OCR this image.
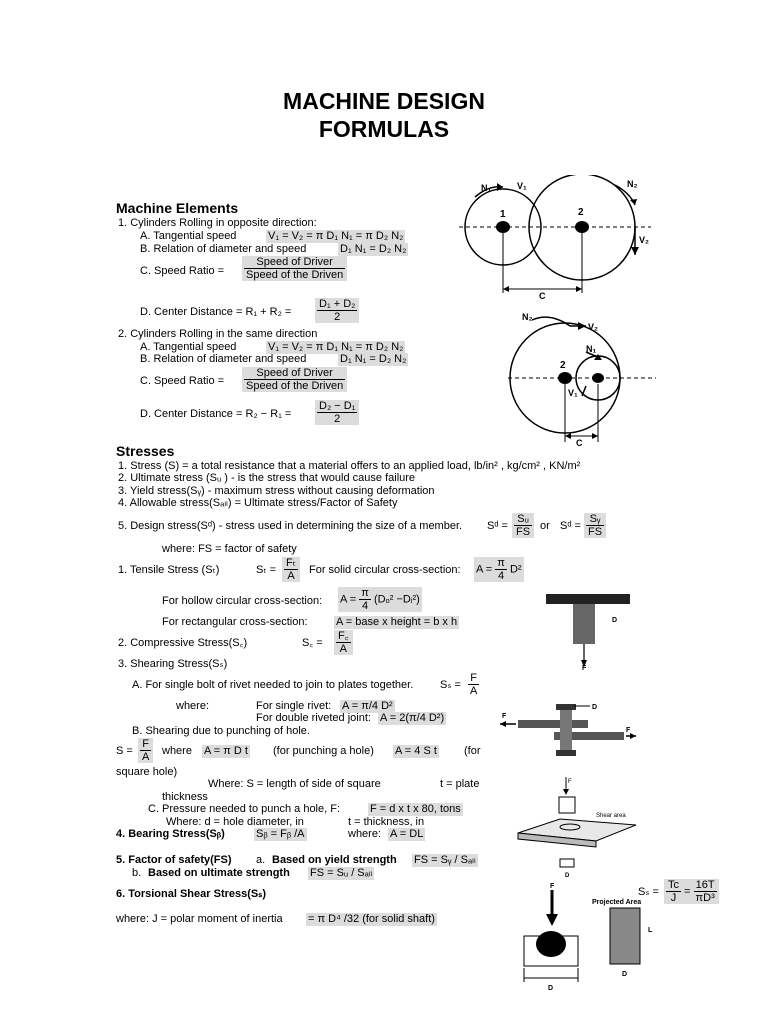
MACHINE DESIGN
FORMULAS
Machine Elements
1. Cylinders Rolling in opposite direction:
A. Tangential speed	V₁ = V₂ = π D₁ N₁ = π D₂ N₂
B. Relation of diameter and speed	D₁ N₁ = D₂ N₂
C. Speed Ratio = $\frac{\text{Speed of Driver}}{\text{Speed of the Driven}}$
D. Center Distance = $R_1 + R_2 = \frac{\text{D₁ + D₂}}{2}$
2. Cylinders Rolling in the same direction
A. Tangential speed	V₁ = V₂ = π D₁ N₁ = π D₂ N₂
B. Relation of diameter and speed	D₁ N₁ = D₂ N₂
C. Speed Ratio = $\frac{\text{Speed of Driver}}{\text{Speed of the Driven}}$
D. Center Distance = $R_2 - R_1 = \frac{\text{D₂ − D₁}}{2}$
Stresses
1. Stress (S) = a total resistance that a material offers to an applied load, lb/in² , kg/cm² , KN/m²
2. Ultimate stress (Sᵤ ) - is the stress that would cause failure
3. Yield stress(Sᵧ) - maximum stress without causing deformation
4. Allowable stress(Sₐₗₗ) = Ultimate stress/Factor of Safety
5. Design stress(Sᵈ) - stress used in determining the size of a member. Sᵈ = $\frac{\text{Sᵤ}}{FS}$ or Sᵈ = $\frac{\text{Sᵧ}}{FS}$
where: FS = factor of safety
1. Tensile Stress (Sₜ)	$S_t = \frac{\text{Fₜ}}{A}$ For solid circular cross-section: $A = \frac{\pi}{4} D^2$
For hollow circular cross-section: $A = \frac{\pi}{4} (D_o^2$ −Dᵢ²)
For rectangular cross-section:	A = base x height = b x h
2. Compressive Stress(S꜀)	S꜀ = $\frac{F꜀}{A}$
3. Shearing Stress(Sₛ)
A. For single bolt of rivet needed to join to plates together. $S_s = \frac{F}{A}$
where:	For single rivet: A = π/4 D²
For double riveted joint: A = 2(π/4 D²)
B. Shearing due to punching of hole.
$S = \frac{F}{A}$ where A = π D t (for punching a hole) A = 4 S t (for
square hole)
Where: S = length of side of square	t = plate
thickness
C. Pressure needed to punch a hole, F:	F = d x t x 80, tons
Where: d = hole diameter, in	t = thickness, in
4. Bearing Stress(Sᵦ)	Sᵦ = Fᵦ /A	where: A = DL
5. Factor of safety(FS) a. Based on yield strength FS = Sᵧ / Sₐₗₗ
b. Based on ultimate strength FS = Sᵤ / Sₐₗₗ
6. Torsional Shear Stress(Sₛ)	$S_s = \frac{Tc}{J} = \frac{16T}{\text{πD³}}$
where: J = polar moment of inertia = π D⁴ /32 (for solid shaft)
N₁	V₁	N₂
V₂
1	2
C
N₂
V₂
N₁
V₁
2
1
C
D
F
D
F
F
F
Shear area
D
F
Projected Area
L
D
D
